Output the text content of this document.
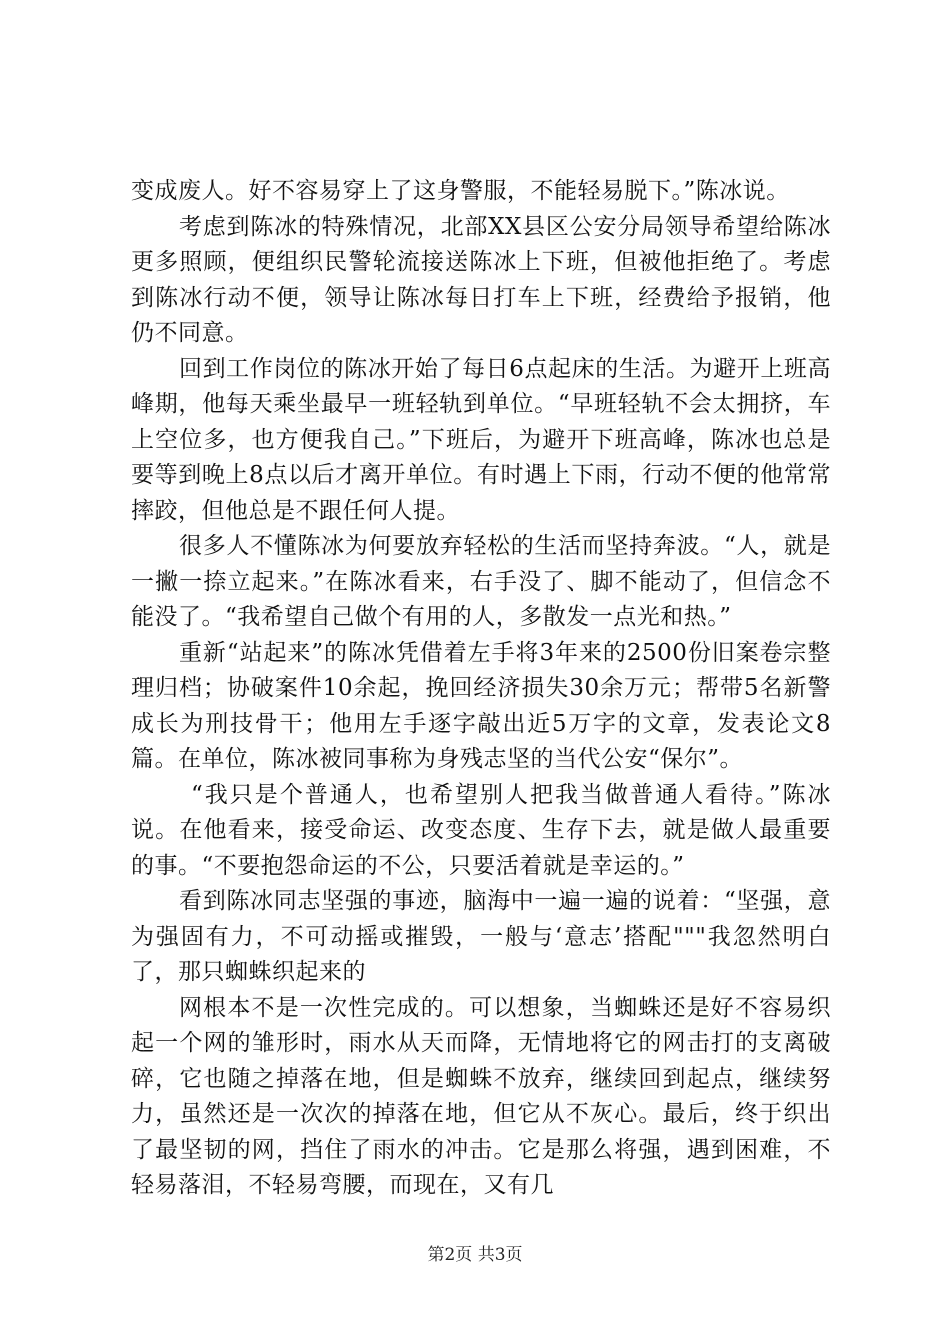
变成废人。好不容易穿上了这身警服，不能轻易脱下。”陈冰说。

考虑到陈冰的特殊情况，北部XX县区公安分局领导希望给陈冰更多照顾，便组织民警轮流接送陈冰上下班，但被他拒绝了。考虑到陈冰行动不便，领导让陈冰每日打车上下班，经费给予报销，他仍不同意。

回到工作岗位的陈冰开始了每日6点起床的生活。为避开上班高峰期，他每天乘坐最早一班轻轨到单位。“早班轻轨不会太拥挤，车上空位多，也方便我自己。”下班后，为避开下班高峰，陈冰也总是要等到晚上8点以后才离开单位。有时遇上下雨，行动不便的他常常摔跤，但他总是不跟任何人提。

很多人不懂陈冰为何要放弃轻松的生活而坚持奔波。“人，就是一撇一捺立起来。”在陈冰看来，右手没了、脚不能动了，但信念不能没了。“我希望自己做个有用的人，多散发一点光和热。”

重新“站起来”的陈冰凭借着左手将3年来的2500份旧案卷宗整理归档；协破案件10余起，挽回经济损失30余万元；帮带5名新警成长为刑技骨干；他用左手逐字敲出近5万字的文章，发表论文8篇。在单位，陈冰被同事称为身残志坚的当代公安“保尔”。

“我只是个普通人，也希望别人把我当做普通人看待。”陈冰说。在他看来，接受命运、改变态度、生存下去，就是做人最重要的事。“不要抱怨命运的不公，只要活着就是幸运的。”

看到陈冰同志坚强的事迹，脑海中一遍一遍的说着：“坚强，意为强固有力，不可动摇或摧毁，一般与‘意志’搭配"""我忽然明白了，那只蜘蛛织起来的

网根本不是一次性完成的。可以想象，当蜘蛛还是好不容易织起一个网的雏形时，雨水从天而降，无情地将它的网击打的支离破碎，它也随之掉落在地，但是蜘蛛不放弃，继续回到起点，继续努力，虽然还是一次次的掉落在地，但它从不灰心。最后，终于织出了最坚韧的网，挡住了雨水的冲击。它是那么将强，遇到困难，不轻易落泪，不轻易弯腰，而现在，又有几

第2页 共3页
